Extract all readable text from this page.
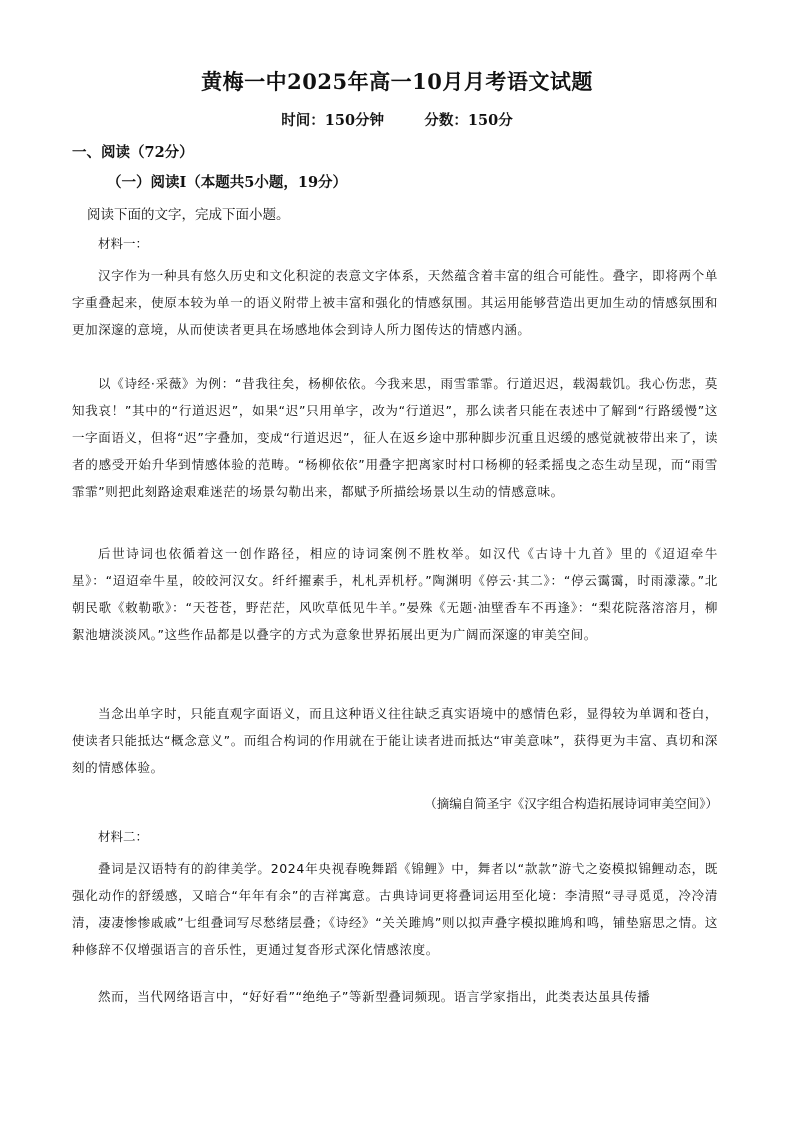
黄梅一中2025年高一10月月考语文试题
时间：150分钟        分数：150分
一、阅读（72分）
（一）阅读Ⅰ（本题共5小题，19分）
阅读下面的文字，完成下面小题。
材料一：
汉字作为一种具有悠久历史和文化积淀的表意文字体系，天然蕴含着丰富的组合可能性。叠字，即将两个单字重叠起来，使原本较为单一的语义附带上被丰富和强化的情感氛围。其运用能够营造出更加生动的情感氛围和更加深邃的意境，从而使读者更具在场感地体会到诗人所力图传达的情感内涵。
以《诗经·采薇》为例：“昔我往矣，杨柳依依。今我来思，雨雪霏霏。行道迟迟，载渴载饥。我心伤悲，莫知我哀！”其中的“行道迟迟”，如果“迟”只用单字，改为“行道迟”，那么读者只能在表述中了解到“行路缓慢”这一字面语义，但将“迟”字叠加，变成“行道迟迟”，征人在返乡途中那种脚步沉重且迟缓的感觉就被带出来了，读者的感受开始升华到情感体验的范畴。“杨柳依依”用叠字把离家时村口杨柳的轻柔摇曳之态生动呈现，而“雨雪霏霏”则把此刻路途艰难迷茫的场景勾勒出来，都赋予所描绘场景以生动的情感意味。
后世诗词也依循着这一创作路径，相应的诗词案例不胜枚举。如汉代《古诗十九首》里的《迢迢牵牛星》：“迢迢牵牛星，皎皎河汉女。纤纤擢素手，札札弄机杼。”陶渊明《停云·其二》：“停云霭霭，时雨濛濛。”北朝民歌《敕勒歌》：“天苍苍，野茫茫，风吹草低见牛羊。”晏殊《无题·油壁香车不再逢》：“梨花院落溶溶月，柳絮池塘淡淡风。”这些作品都是以叠字的方式为意象世界拓展出更为广阔而深邃的审美空间。
当念出单字时，只能直观字面语义，而且这种语义往往缺乏真实语境中的感情色彩，显得较为单调和苍白，使读者只能抵达“概念意义”。而组合构词的作用就在于能让读者进而抵达“审美意味”，获得更为丰富、真切和深刻的情感体验。
（摘编自简圣宇《汉字组合构造拓展诗词审美空间》）
材料二：
叠词是汉语特有的韵律美学。2024年央视春晚舞蹈《锦鲤》中，舞者以“款款”游弋之姿模拟锦鲤动态，既强化动作的舒缓感，又暗合“年年有余”的吉祥寓意。古典诗词更将叠词运用至化境：李清照“寻寻觅觅，冷冷清清，凄凄惨惨戚戚”七组叠词写尽愁绪层叠；《诗经》“关关雎鸠”则以拟声叠字模拟雎鸠和鸣，铺垫寤思之情。这种修辞不仅增强语言的音乐性，更通过复沓形式深化情感浓度。
然而，当代网络语言中，“好好看”“绝绝子”等新型叠词频现。语言学家指出，此类表达虽具传播
